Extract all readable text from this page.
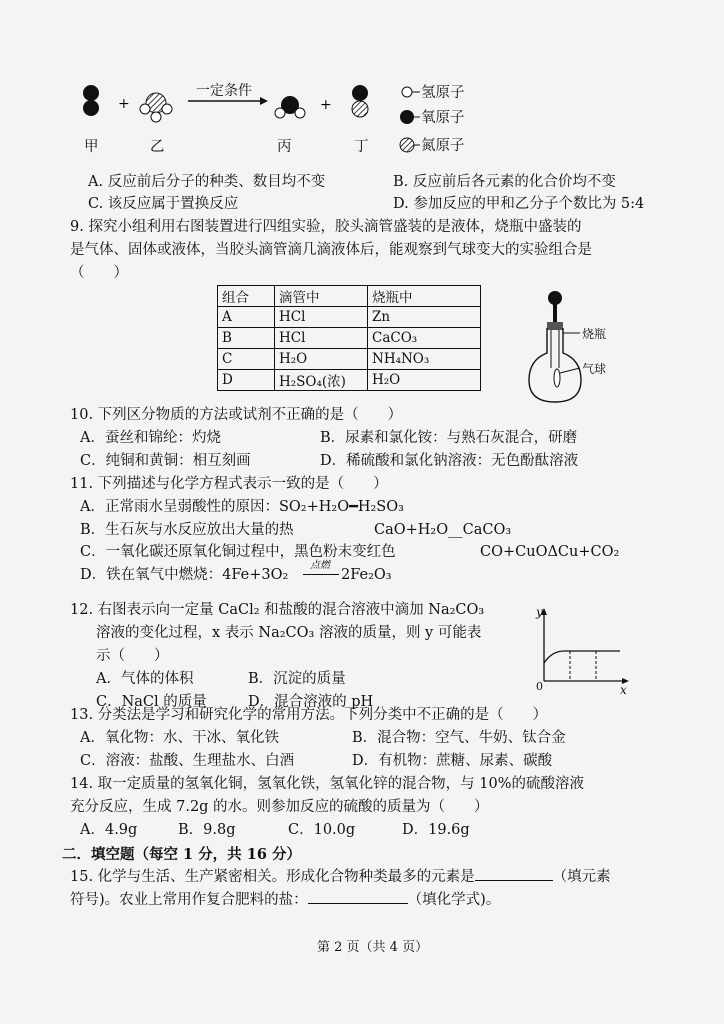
+	+
一定条件	氢原子
氧原子
氮原子
甲	乙	丙	丁
A. 反应前后分子的种类、数目均不变	B. 反应前后各元素的化合价均不变
C. 该反应属于置换反应	D. 参加反应的甲和乙分子个数比为 5:4
9. 探究小组利用右图装置进行四组实验，胶头滴管盛装的是液体，烧瓶中盛装的
是气体、固体或液体，当胶头滴管滴几滴液体后，能观察到气球变大的实验组合是
（　　）
组合	滴管中	烧瓶中
A	HCl	Zn
B	HCl	CaCO₃
C	H₂O	NH₄NO₃
D	H₂SO₄(浓)	H₂O
烧瓶
气球
10. 下列区分物质的方法或试剂不正确的是（　　）
A．蚕丝和锦纶：灼烧	B．尿素和氯化铵：与熟石灰混合，研磨
C．纯铜和黄铜：相互刻画	D．稀硫酸和氯化钠溶液：无色酚酞溶液
11. 下列描述与化学方程式表示一致的是（　　）
A．正常雨水呈弱酸性的原因：SO₂+H₂O━H₂SO₃
B．生石灰与水反应放出大量的热	CaO+H₂O__CaCO₃
C．一氧化碳还原氧化铜过程中，黑色粉末变红色	CO+CuOΔCu+CO₂
D．铁在氧气中燃烧：4Fe+3O₂
点燃
2Fe₂O₃
12. 右图表示向一定量 CaCl₂ 和盐酸的混合溶液中滴加 Na₂CO₃
溶液的变化过程，x 表示 Na₂CO₃ 溶液的质量，则 y 可能表
示（　　）
A．气体的体积	B．沉淀的质量
C．NaCl 的质量	D．混合溶液的 pH
y
x
0
13. 分类法是学习和研究化学的常用方法。下列分类中不正确的是（　　）
A．氧化物：水、干冰、氧化铁	B．混合物：空气、牛奶、钛合金
C．溶液：盐酸、生理盐水、白酒	D．有机物：蔗糖、尿素、碳酸
14. 取一定质量的氢氧化铜，氢氧化铁，氢氧化锌的混合物，与 10%的硫酸溶液
充分反应，生成 7.2g 的水。则参加反应的硫酸的质量为（　　）
A．4.9g	B．9.8g	C．10.0g	D．19.6g
二．填空题（每空 1 分，共 16 分）
15. 化学与生活、生产紧密相关。形成化合物种类最多的元素是	（填元素
符号)。农业上常用作复合肥料的盐：	（填化学式)。
第 2 页（共 4 页）
